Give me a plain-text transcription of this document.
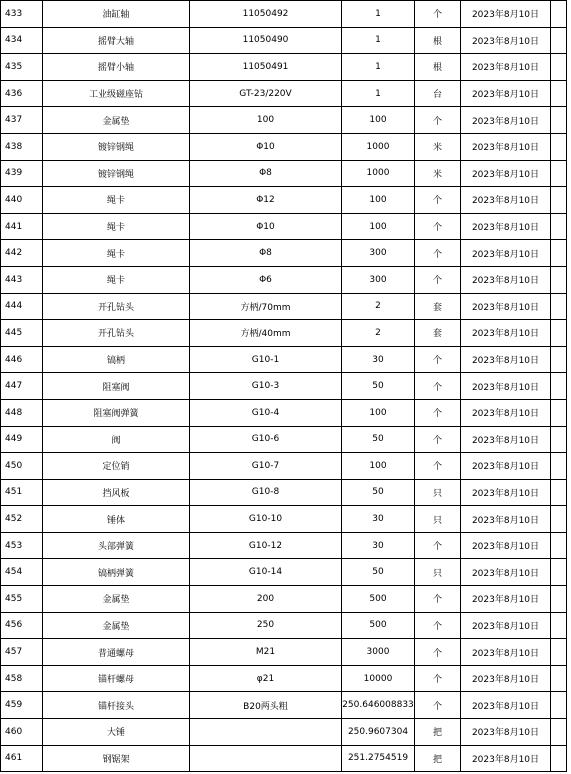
433	油缸轴	11050492	1	个	2023年8月10日	
434	摇臂大轴	11050490	1	根	2023年8月10日	
435	摇臂小轴	11050491	1	根	2023年8月10日	
436	工业级磁座钻	GT-23/220V	1	台	2023年8月10日	
437	金属垫	100	100	个	2023年8月10日	
438	镀锌钢绳	Φ10	1000	米	2023年8月10日	
439	镀锌钢绳	Φ8	1000	米	2023年8月10日	
440	绳卡	Φ12	100	个	2023年8月10日	
441	绳卡	Φ10	100	个	2023年8月10日	
442	绳卡	Φ8	300	个	2023年8月10日	
443	绳卡	Φ6	300	个	2023年8月10日	
444	开孔钻头	方柄/70mm	2	套	2023年8月10日	
445	开孔钻头	方柄/40mm	2	套	2023年8月10日	
446	镐柄	G10-1	30	个	2023年8月10日	
447	阻塞阀	G10-3	50	个	2023年8月10日	
448	阻塞阀弹簧	G10-4	100	个	2023年8月10日	
449	阀	G10-6	50	个	2023年8月10日	
450	定位销	G10-7	100	个	2023年8月10日	
451	挡风板	G10-8	50	只	2023年8月10日	
452	锤体	G10-10	30	只	2023年8月10日	
453	头部弹簧	G10-12	30	个	2023年8月10日	
454	镐柄弹簧	G10-14	50	只	2023年8月10日	
455	金属垫	200	500	个	2023年8月10日	
456	金属垫	250	500	个	2023年8月10日	
457	普通螺母	M21	3000	个	2023年8月10日	
458	锚杆螺母	φ21	10000	个	2023年8月10日	
459	锚杆接头	B20两头粗	250.646008833	个	2023年8月10日	
460	大锤		250.9607304	把	2023年8月10日	
461	钢锯架		251.2754519	把	2023年8月10日	
